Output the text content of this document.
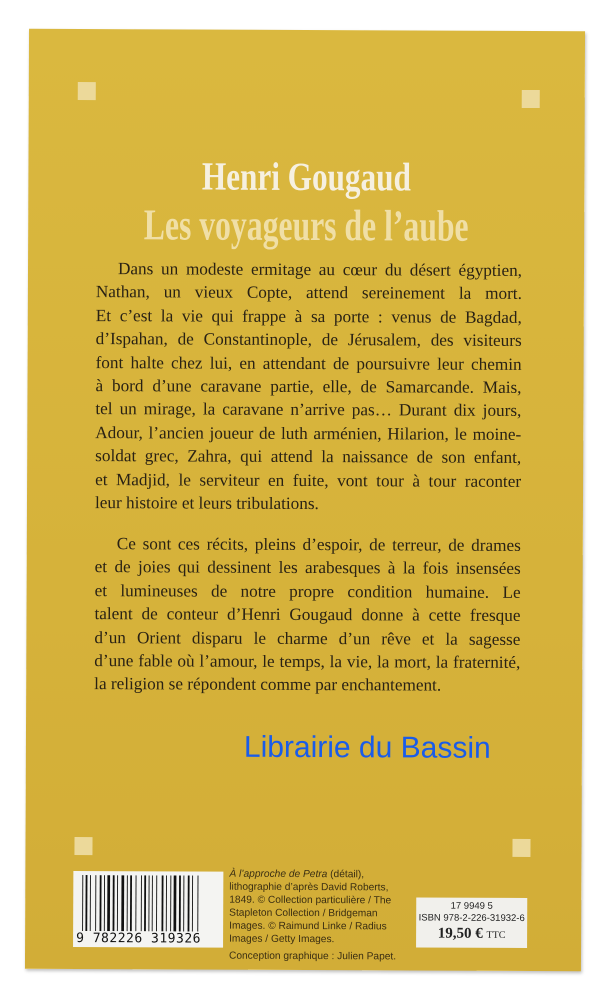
Henri Gougaud
Les voyageurs de l’aube
Dans un modeste ermitage au cœur du désert égyptien,
Nathan, un vieux Copte, attend sereinement la mort.
Et c’est la vie qui frappe à sa porte : venus de Bagdad,
d’Ispahan, de Constantinople, de Jérusalem, des visiteurs
font halte chez lui, en attendant de poursuivre leur chemin
à bord d’une caravane partie, elle, de Samarcande. Mais,
tel un mirage, la caravane n’arrive pas… Durant dix jours,
Adour, l’ancien joueur de luth arménien, Hilarion, le moine-
soldat grec, Zahra, qui attend la naissance de son enfant,
et Madjid, le serviteur en fuite, vont tour à tour raconter
leur histoire et leurs tribulations.
Ce sont ces récits, pleins d’espoir, de terreur, de drames
et de joies qui dessinent les arabesques à la fois insensées
et lumineuses de notre propre condition humaine. Le
talent de conteur d’Henri Gougaud donne à cette fresque
d’un Orient disparu le charme d’un rêve et la sagesse
d’une fable où l’amour, le temps, la vie, la mort, la fraternité,
la religion se répondent comme par enchantement.
Librairie du Bassin
9 782226 319326
À l’approche de Petra (détail), lithographie d’après David Roberts, 1849. © Collection particulière / The Stapleton Collection / Bridgeman Images. © Raimund Linke / Radius Images / Getty Images.
Conception graphique : Julien Papet.
17 9949 5
ISBN 978-2-226-31932-6
19,50 € TTC
